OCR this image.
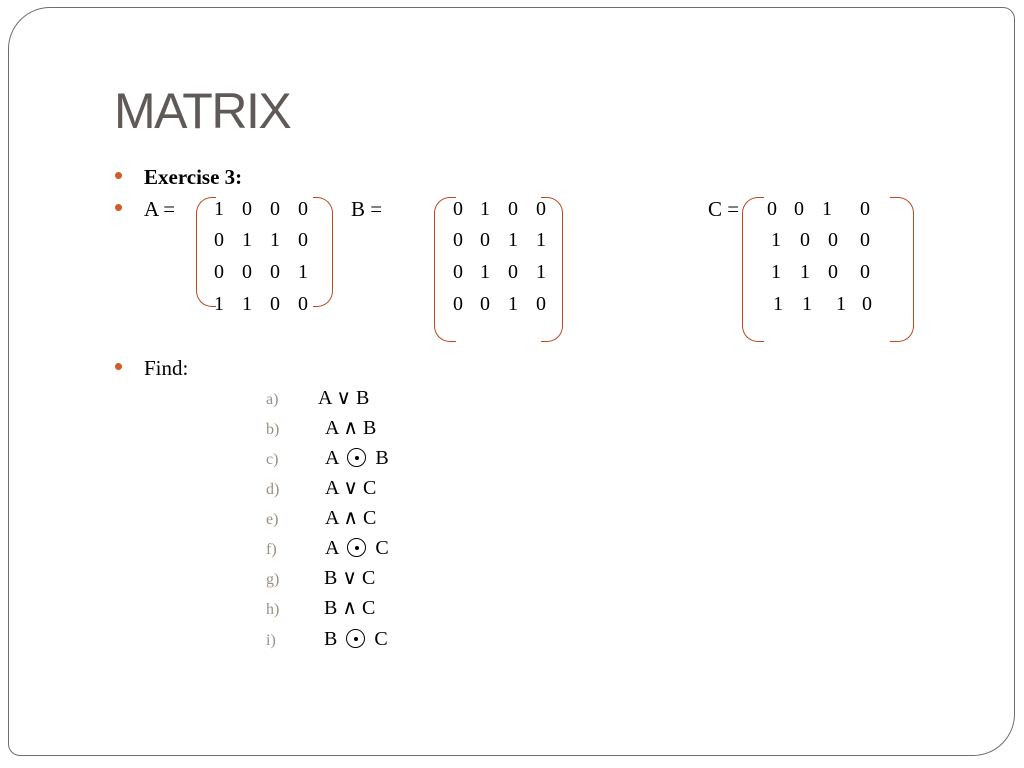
MATRIX
Exercise 3:
A =	B =	C =
1 0 0 0
0 1 1 0
0 0 0 1
1 1 0 0
0 1 0 0
0 0 1 1
0 1 0 1
0 0 1 0
0 0 1 0
1 0 0 0
1 1 0 0
1 1 1 0
Find:
a) A ∨ B
b) A ∧ B
c) A B
d) A ∨ C
e) A ∧ C
f) A C
g) B ∨ C
h) B ∧ C
i) B C
